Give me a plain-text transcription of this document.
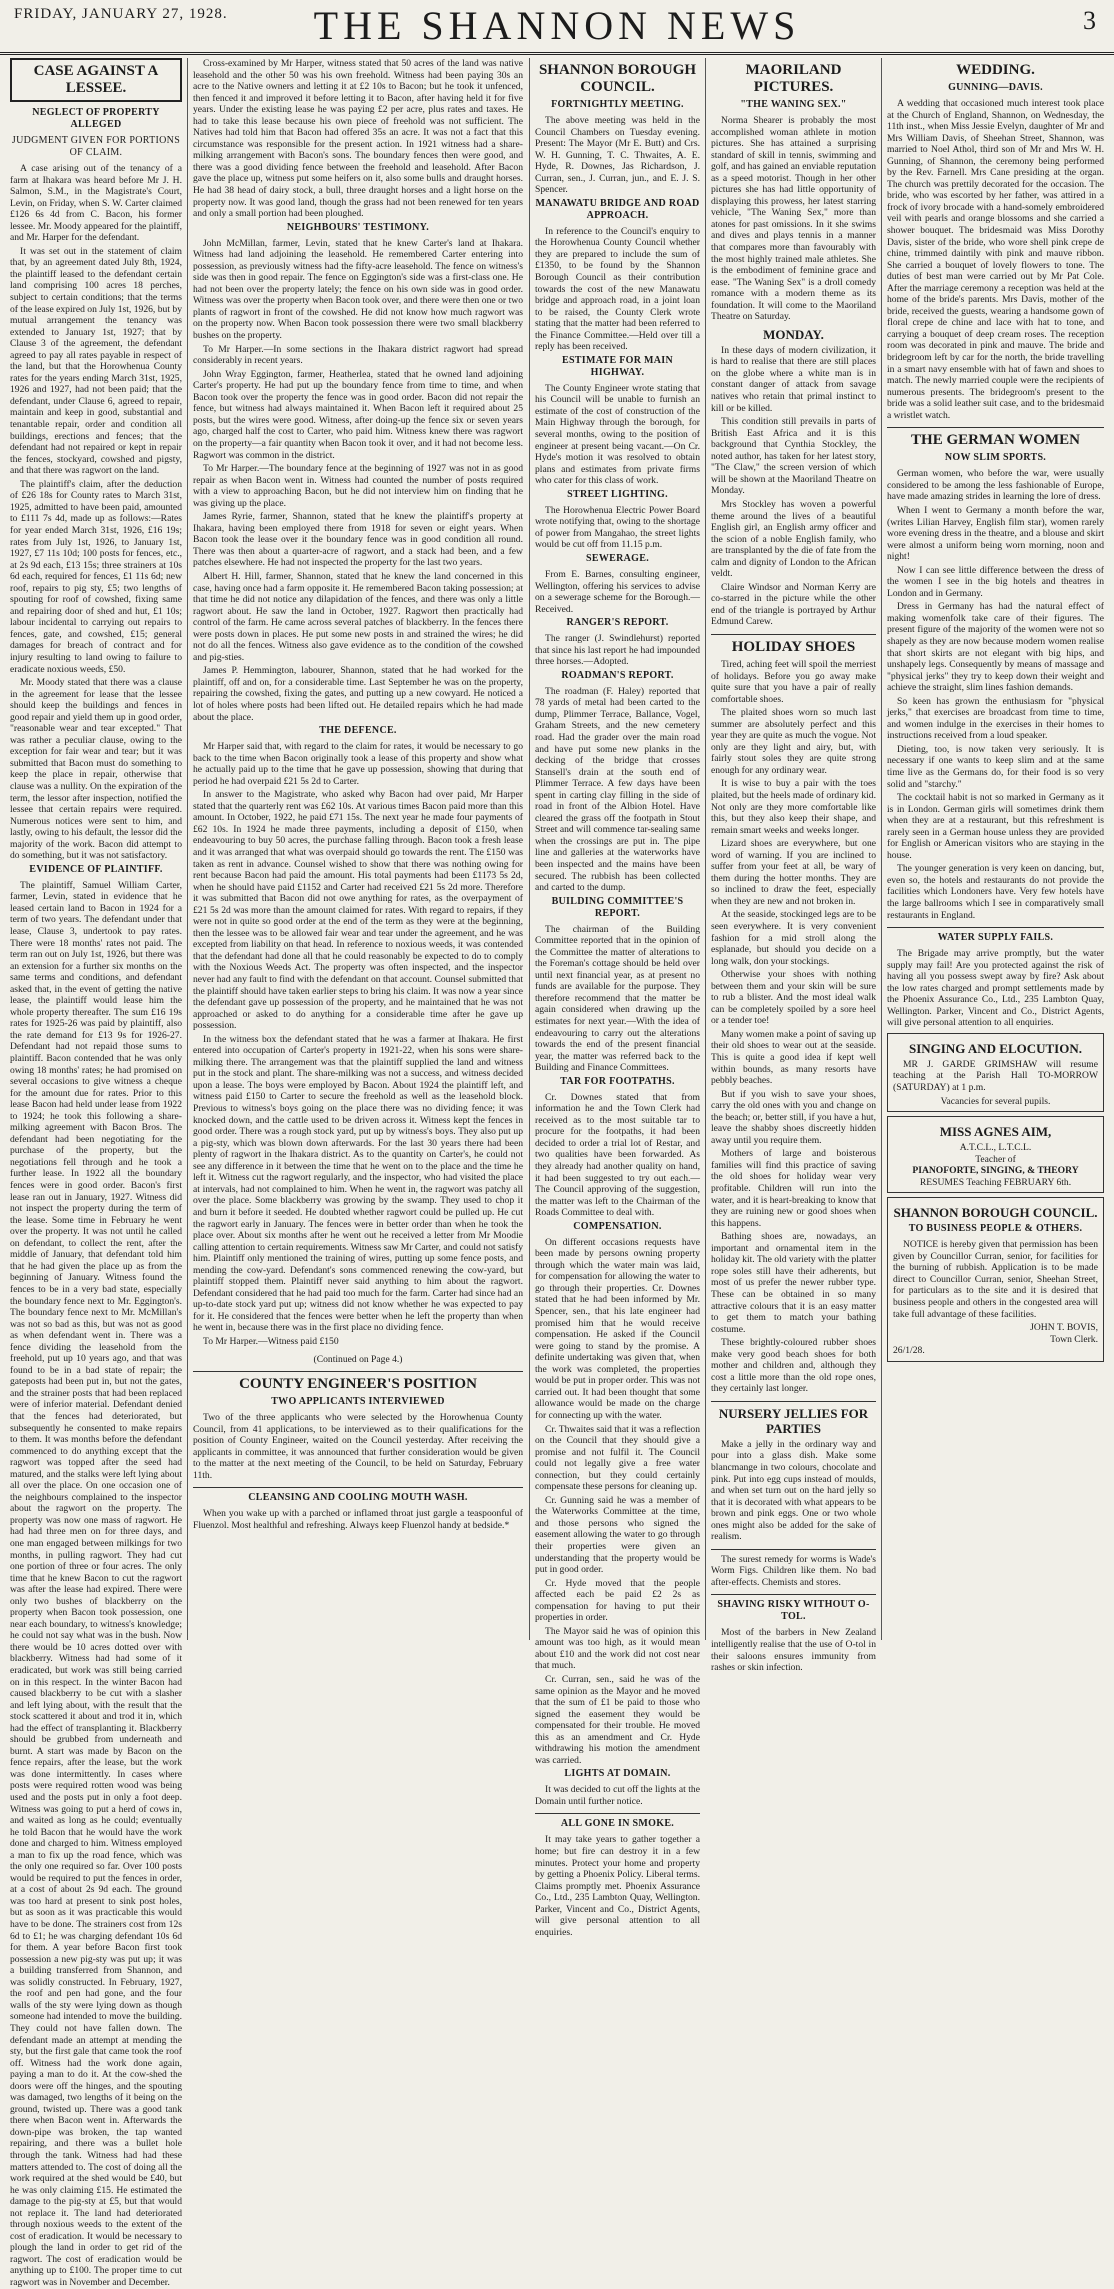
FRIDAY, JANUARY 27, 1928.	THE SHANNON NEWS	3
CASE AGAINST A LESSEE.
NEGLECT OF PROPERTY ALLEGED
JUDGMENT GIVEN FOR PORTIONS OF CLAIM.

A case arising out of the tenancy of a farm at Ihakara was heard before Mr J. H. Salmon, S.M., in the Magistrate's Court, Levin, on Friday, when S. W. Carter claimed £126 6s 4d from C. Bacon, his former lessee. Mr. Moody appeared for the plaintiff, and Mr. Harper for the defendant.

It was set out in the statement of claim that, by an agreement dated July 8th, 1924, the plaintiff leased to the defendant certain land comprising 100 acres 18 perches, subject to certain conditions; that the terms of the lease expired on July 1st, 1926, but by mutual arrangement the tenancy was extended to January 1st, 1927; that by Clause 3 of the agreement, the defendant agreed to pay all rates payable in respect of the land, but that the Horowhenua County rates for the years ending March 31st, 1925, 1926 and 1927, had not been paid; that the defendant, under Clause 6, agreed to repair, maintain and keep in good, substantial and tenantable repair, order and condition all buildings, erections and fences; that the defendant had not repaired or kept in repair the fences, stockyard, cowshed and pigsty, and that there was ragwort on the land.

The plaintiff's claim, after the deduction of £26 18s for County rates to March 31st, 1925, admitted to have been paid, amounted to £111 7s 4d, made up as follows:—Rates for year ended March 31st, 1926, £16 19s; rates from July 1st, 1926, to January 1st, 1927, £7 11s 10d; 100 posts for fences, etc., at 2s 9d each, £13 15s; three strainers at 10s 6d each, required for fences, £1 11s 6d; new roof, repairs to pig sty, £5; two lengths of spouting for roof of cowshed, fixing same and repairing door of shed and hut, £1 10s; labour incidental to carrying out repairs to fences, gate, and cowshed, £15; general damages for breach of contract and for injury resulting to land owing to failure to eradicate noxious weeds, £50.

Mr. Moody stated that there was a clause in the agreement for lease that the lessee should keep the buildings and fences in good repair and yield them up in good order, "reasonable wear and tear excepted." That was rather a peculiar clause, owing to the exception for fair wear and tear; but it was submitted that Bacon must do something to keep the place in repair, otherwise that clause was a nullity. On the expiration of the term, the lessor after inspection, notified the lessee that certain repairs were required. Numerous notices were sent to him, and lastly, owing to his default, the lessor did the majority of the work. Bacon did attempt to do something, but it was not satisfactory.

EVIDENCE OF PLAINTIFF.

The plaintiff, Samuel William Carter, farmer, Levin, stated in evidence that he leased certain land to Bacon in 1924 for a term of two years. The defendant under that lease, Clause 3, undertook to pay rates. There were 18 months' rates not paid. The term ran out on July 1st, 1926, but there was an extension for a further six months on the same terms and conditions, and defendant asked that, in the event of getting the native lease, the plaintiff would lease him the whole property thereafter. The sum £16 19s rates for 1925-26 was paid by plaintiff, also the rate demand for £13 9s for 1926-27. Defendant had not repaid those sums to plaintiff. Bacon contended that he was only owing 18 months' rates; he had promised on several occasions to give witness a cheque for the amount due for rates. Prior to this lease Bacon had held under lease from 1922 to 1924; he took this following a share-milking agreement with Bacon Bros. The defendant had been negotiating for the purchase of the property, but the negotiations fell through and he took a further lease. In 1922 all the boundary fences were in good order. Bacon's first lease ran out in January, 1927. Witness did not inspect the property during the term of the lease. Some time in February he went over the property. It was not until he called on defendant, to collect the rent, after the middle of January, that defendant told him that he had given the place up as from the beginning of January. Witness found the fences to be in a very bad state, especially the boundary fence next to Mr. Eggington's. The boundary fence next to Mr. McMillan's was not so bad as this, but was not as good as when defendant went in. There was a fence dividing the leasehold from the freehold, put up 10 years ago, and that was found to be in a bad state of repair; the gateposts had been put in, but not the gates, and the strainer posts that had been replaced were of inferior material. Defendant denied that the fences had deteriorated, but subsequently he consented to make repairs to them. It was months before the defendant commenced to do anything except that the ragwort was topped after the seed had matured, and the stalks were left lying about all over the place. On one occasion one of the neighbours complained to the inspector about the ragwort on the property. The property was now one mass of ragwort. He had had three men on for three days, and one man engaged between milkings for two months, in pulling ragwort. They had cut one portion of three or four acres. The only time that he knew Bacon to cut the ragwort was after the lease had expired. There were only two bushes of blackberry on the property when Bacon took possession, one near each boundary, to witness's knowledge; he could not say what was in the bush. Now there would be 10 acres dotted over with blackberry. Witness had had some of it eradicated, but work was still being carried on in this respect. In the winter Bacon had caused blackberry to be cut with a slasher and left lying about, with the result that the stock scattered it about and trod it in, which had the effect of transplanting it. Blackberry should be grubbed from underneath and burnt. A start was made by Bacon on the fence repairs, after the lease, but the work was done intermittently. In cases where posts were required rotten wood was being used and the posts put in only a foot deep. Witness was going to put a herd of cows in, and waited as long as he could; eventually he told Bacon that he would have the work done and charged to him. Witness employed a man to fix up the road fence, which was the only one required so far. Over 100 posts would be required to put the fences in order, at a cost of about 2s 9d each. The ground was too hard at present to sink post holes, but as soon as it was practicable this would have to be done. The strainers cost from 12s 6d to £1; he was charging defendant 10s 6d for them. A year before Bacon first took possession a new pig-sty was put up; it was a building transferred from Shannon, and was solidly constructed. In February, 1927, the roof and pen had gone, and the four walls of the sty were lying down as though someone had intended to move the building. They could not have fallen down. The defendant made an attempt at mending the sty, but the first gale that came took the roof off. Witness had the work done again, paying a man to do it. At the cow-shed the doors were off the hinges, and the spouting was damaged, two lengths of it being on the ground, twisted up. There was a good tank there when Bacon went in. Afterwards the down-pipe was broken, the tap wanted repairing, and there was a bullet hole through the tank. Witness had had these matters attended to. The cost of doing all the work required at the shed would be £40, but he was only claiming £15. He estimated the damage to the pig-sty at £5, but that would not replace it. The land had deteriorated through noxious weeds to the extent of the cost of eradication. It would be necessary to plough the land in order to get rid of the ragwort. The cost of eradication would be anything up to £100. The proper time to cut ragwort was in November and December.

Cross-examined by Mr Harper, witness stated that 50 acres of the land was native leasehold and the other 50 was his own freehold. Witness had been paying 30s an acre to the Native owners and letting it at £2 10s to Bacon; but he took it unfenced, then fenced it and improved it before letting it to Bacon, after having held it for five years. Under the existing lease he was paying £2 per acre, plus rates and taxes. He had to take this lease because his own piece of freehold was not sufficient. The Natives had told him that Bacon had offered 35s an acre. It was not a fact that this circumstance was responsible for the present action. In 1921 witness had a share-milking arrangement with Bacon's sons. The boundary fences then were good, and there was a good dividing fence between the freehold and leasehold. After Bacon gave the place up, witness put some heifers on it, also some bulls and draught horses. He had 38 head of dairy stock, a bull, three draught horses and a light horse on the property now. It was good land, though the grass had not been renewed for ten years and only a small portion had been ploughed.

NEIGHBOURS' TESTIMONY.

John McMillan, farmer, Levin, stated that he knew Carter's land at Ihakara. Witness had land adjoining the leasehold. He remembered Carter entering into possession, as previously witness had the fifty-acre leasehold. The fence on witness's side was then in good repair. The fence on Eggington's side was a first-class one. He had not been over the property lately; the fence on his own side was in good order. Witness was over the property when Bacon took over, and there were then one or two plants of ragwort in front of the cowshed. He did not know how much ragwort was on the property now. When Bacon took possession there were two small blackberry bushes on the property.

To Mr Harper.—In some sections in the Ihakara district ragwort had spread considerably in recent years.

John Wray Eggington, farmer, Heatherlea, stated that he owned land adjoining Carter's property. He had put up the boundary fence from time to time, and when Bacon took over the property the fence was in good order. Bacon did not repair the fence, but witness had always maintained it. When Bacon left it required about 25 posts, but the wires were good. Witness, after doing-up the fence six or seven years ago, charged half the cost to Carter, who paid him. Witness knew there was ragwort on the property—a fair quantity when Bacon took it over, and it had not become less. Ragwort was common in the district.

To Mr Harper.—The boundary fence at the beginning of 1927 was not in as good repair as when Bacon went in. Witness had counted the number of posts required with a view to approaching Bacon, but he did not interview him on finding that he was giving up the place.

James Ryrie, farmer, Shannon, stated that he knew the plaintiff's property at Ihakara, having been employed there from 1918 for seven or eight years. When Bacon took the lease over it the boundary fence was in good condition all round. There was then about a quarter-acre of ragwort, and a stack had been, and a few patches elsewhere. He had not inspected the property for the last two years.

Albert H. Hill, farmer, Shannon, stated that he knew the land concerned in this case, having once had a farm opposite it. He remembered Bacon taking possession; at that time he did not notice any dilapidation of the fences, and there was only a little ragwort about. He saw the land in October, 1927. Ragwort then practically had control of the farm. He came across several patches of blackberry. In the fences there were posts down in places. He put some new posts in and strained the wires; he did not do all the fences. Witness also gave evidence as to the condition of the cowshed and pig-sties.

James P. Hemmington, labourer, Shannon, stated that he had worked for the plaintiff, off and on, for a considerable time. Last September he was on the property, repairing the cowshed, fixing the gates, and putting up a new cowyard. He noticed a lot of holes where posts had been lifted out. He detailed repairs which he had made about the place.

THE DEFENCE.

Mr Harper said that, with regard to the claim for rates, it would be necessary to go back to the time when Bacon originally took a lease of this property and show what he actually paid up to the time that he gave up possession, showing that during that period he had overpaid £21 5s 2d to Carter.

In answer to the Magistrate, who asked why Bacon had over paid, Mr Harper stated that the quarterly rent was £62 10s. At various times Bacon paid more than this amount. In October, 1922, he paid £71 15s. The next year he made four payments of £62 10s. In 1924 he made three payments, including a deposit of £150, when endeavouring to buy 50 acres, the purchase falling through. Bacon took a fresh lease and it was arranged that what was overpaid should go towards the rent. The £150 was taken as rent in advance. Counsel wished to show that there was nothing owing for rent because Bacon had paid the amount. His total payments had been £1173 5s 2d, when he should have paid £1152 and Carter had received £21 5s 2d more. Therefore it was submitted that Bacon did not owe anything for rates, as the overpayment of £21 5s 2d was more than the amount claimed for rates. With regard to repairs, if they were not in quite so good order at the end of the term as they were at the beginning, then the lessee was to be allowed fair wear and tear under the agreement, and he was excepted from liability on that head. In reference to noxious weeds, it was contended that the defendant had done all that he could reasonably be expected to do to comply with the Noxious Weeds Act. The property was often inspected, and the inspector never had any fault to find with the defendant on that account. Counsel submitted that the plaintiff should have taken earlier steps to bring his claim. It was now a year since the defendant gave up possession of the property, and he maintained that he was not approached or asked to do anything for a considerable time after he gave up possession.

In the witness box the defendant stated that he was a farmer at Ihakara. He first entered into occupation of Carter's property in 1921-22, when his sons were share-milking there. The arrangement was that the plaintiff supplied the land and witness put in the stock and plant. The share-milking was not a success, and witness decided upon a lease. The boys were employed by Bacon. About 1924 the plaintiff left, and witness paid £150 to Carter to secure the freehold as well as the leasehold block. Previous to witness's boys going on the place there was no dividing fence; it was knocked down, and the cattle used to be driven across it. Witness kept the fences in good order. There was a rough stock yard, put up by witness's boys. They also put up a pig-sty, which was blown down afterwards. For the last 30 years there had been plenty of ragwort in the Ihakara district. As to the quantity on Carter's, he could not see any difference in it between the time that he went on to the place and the time he left it. Witness cut the ragwort regularly, and the inspector, who had visited the place at intervals, had not complained to him. When he went in, the ragwort was patchy all over the place. Some blackberry was growing by the swamp. They used to chop it and burn it before it seeded. He doubted whether ragwort could be pulled up. He cut the ragwort early in January. The fences were in better order than when he took the place over. About six months after he went out he received a letter from Mr Moodie calling attention to certain requirements. Witness saw Mr Carter, and could not satisfy him. Plaintiff only mentioned the training of wires, putting up some fence posts, and mending the cow-yard. Defendant's sons commenced renewing the cow-yard, but plaintiff stopped them. Plaintiff never said anything to him about the ragwort. Defendant considered that he had paid too much for the farm. Carter had since had an up-to-date stock yard put up; witness did not know whether he was expected to pay for it. He considered that the fences were better when he left the property than when he went in, because there was in the first place no dividing fence.

To Mr Harper.—Witness paid £150

(Continued on Page 4.)
COUNTY ENGINEER'S POSITION
TWO APPLICANTS INTERVIEWED

Two of the three applicants who were selected by the Horowhenua County Council, from 41 applications, to be interviewed as to their qualifications for the position of County Engineer, waited on the Council yesterday. After receiving the applicants in committee, it was announced that further consideration would be given to the matter at the next meeting of the Council, to be held on Saturday, February 11th.

CLEANSING AND COOLING MOUTH WASH.

When you wake up with a parched or inflamed throat just gargle a teaspoonful of Fluenzol. Most healthful and refreshing. Always keep Fluenzol handy at bedside.*

SHANNON BOROUGH COUNCIL.
FORTNIGHTLY MEETING.

The above meeting was held in the Council Chambers on Tuesday evening. Present: The Mayor (Mr E. Butt) and Crs. W. H. Gunning, T. C. Thwaites, A. E. Hyde, R. Downes, Jas Richardson, J. Curran, sen., J. Curran, jun., and E. J. S. Spencer.

MANAWATU BRIDGE AND ROAD APPROACH.

In reference to the Council's enquiry to the Horowhenua County Council whether they are prepared to include the sum of £1350, to be found by the Shannon Borough Council as their contribution towards the cost of the new Manawatu bridge and approach road, in a joint loan to be raised, the County Clerk wrote stating that the matter had been referred to the Finance Committee.—Held over till a reply has been received.

ESTIMATE FOR MAIN HIGHWAY.

The County Engineer wrote stating that his Council will be unable to furnish an estimate of the cost of construction of the Main Highway through the borough, for several months, owing to the position of engineer at present being vacant.—On Cr. Hyde's motion it was resolved to obtain plans and estimates from private firms who cater for this class of work.

STREET LIGHTING.

The Horowhenua Electric Power Board wrote notifying that, owing to the shortage of power from Mangahao, the street lights would be cut off from 11.15 p.m.

SEWERAGE.

From E. Barnes, consulting engineer, Wellington, offering his services to advise on a sewerage scheme for the Borough.—Received.

RANGER'S REPORT.

The ranger (J. Swindlehurst) reported that since his last report he had impounded three horses.—Adopted.

ROADMAN'S REPORT.

The roadman (F. Haley) reported that 78 yards of metal had been carted to the dump, Plimmer Terrace, Ballance, Vogel, Graham Streets, and the new cemetery road. Had the grader over the main road and have put some new planks in the decking of the bridge that crosses Stansell's drain at the south end of Plimmer Terrace. A few days have been spent in carting clay filling in the side of road in front of the Albion Hotel. Have cleared the grass off the footpath in Stout Street and will commence tar-sealing same when the crossings are put in. The pipe line and galleries at the waterworks have been inspected and the mains have been secured. The rubbish has been collected and carted to the dump.

BUILDING COMMITTEE'S REPORT.

The chairman of the Building Committee reported that in the opinion of the Committee the matter of alterations to the Foreman's cottage should be held over until next financial year, as at present no funds are available for the purpose. They therefore recommend that the matter be again considered when drawing up the estimates for next year.—With the idea of endeavouring to carry out the alterations towards the end of the present financial year, the matter was referred back to the Building and Finance Committees.

TAR FOR FOOTPATHS.

Cr. Downes stated that from information he and the Town Clerk had received as to the most suitable tar to procure for the footpaths, it had been decided to order a trial lot of Restar, and two qualities have been forwarded. As they already had another quality on hand, it had been suggested to try out each.—The Council approving of the suggestion, the matter was left to the Chairman of the Roads Committee to deal with.

COMPENSATION.

On different occasions requests have been made by persons owning property through which the water main was laid, for compensation for allowing the water to go through their properties. Cr. Downes stated that he had been informed by Mr. Spencer, sen., that his late engineer had promised him that he would receive compensation. He asked if the Council were going to stand by the promise. A definite undertaking was given that, when the work was completed, the properties would be put in proper order. This was not carried out. It had been thought that some allowance would be made on the charge for connecting up with the water.

Cr. Thwaites said that it was a reflection on the Council that they should give a promise and not fulfil it. The Council could not legally give a free water connection, but they could certainly compensate these persons for cleaning up.

Cr. Gunning said he was a member of the Waterworks Committee at the time, and those persons who signed the easement allowing the water to go through their properties were given an understanding that the property would be put in good order.

Cr. Hyde moved that the people affected each be paid £2 2s as compensation for having to put their properties in order.

The Mayor said he was of opinion this amount was too high, as it would mean about £10 and the work did not cost near that much.

Cr. Curran, sen., said he was of the same opinion as the Mayor and he moved that the sum of £1 be paid to those who signed the easement they would be compensated for their trouble. He moved this as an amendment and Cr. Hyde withdrawing his motion the amendment was carried.

LIGHTS AT DOMAIN.

It was decided to cut off the lights at the Domain until further notice.

ALL GONE IN SMOKE.

It may take years to gather together a home; but fire can destroy it in a few minutes. Protect your home and property by getting a Phoenix Policy. Liberal terms. Claims promptly met. Phoenix Assurance Co., Ltd., 235 Lambton Quay, Wellington. Parker, Vincent and Co., District Agents, will give personal attention to all enquiries.

MAORILAND PICTURES.
"THE WANING SEX."

Norma Shearer is probably the most accomplished woman athlete in motion pictures. She has attained a surprising standard of skill in tennis, swimming and golf, and has gained an enviable reputation as a speed motorist. Though in her other pictures she has had little opportunity of displaying this prowess, her latest starring vehicle, "The Waning Sex," more than atones for past omissions. In it she swims and dives and plays tennis in a manner that compares more than favourably with the most highly trained male athletes. She is the embodiment of feminine grace and ease. "The Waning Sex" is a droll comedy romance with a modern theme as its foundation. It will come to the Maoriland Theatre on Saturday.

MONDAY.

In these days of modern civilization, it is hard to realise that there are still places on the globe where a white man is in constant danger of attack from savage natives who retain that primal instinct to kill or be killed.

This condition still prevails in parts of British East Africa and it is this background that Cynthia Stockley, the noted author, has taken for her latest story, "The Claw," the screen version of which will be shown at the Maoriland Theatre on Monday.

Mrs Stockley has woven a powerful theme around the lives of a beautiful English girl, an English army officer and the scion of a noble English family, who are transplanted by the die of fate from the calm and dignity of London to the African veldt.

Claire Windsor and Norman Kerry are co-starred in the picture while the other end of the triangle is portrayed by Arthur Edmund Carew.

HOLIDAY SHOES

Tired, aching feet will spoil the merriest of holidays. Before you go away make quite sure that you have a pair of really comfortable shoes.

The plaited shoes worn so much last summer are absolutely perfect and this year they are quite as much the vogue. Not only are they light and airy, but, with fairly stout soles they are quite strong enough for any ordinary wear.

It is wise to buy a pair with the toes plaited, but the heels made of ordinary kid. Not only are they more comfortable like this, but they also keep their shape, and remain smart weeks and weeks longer.

Lizard shoes are everywhere, but one word of warning. If you are inclined to suffer from your feet at all, be wary of them during the hotter months. They are so inclined to draw the feet, especially when they are new and not broken in.

At the seaside, stockinged legs are to be seen everywhere. It is very convenient fashion for a mid stroll along the esplanade, but should you decide on a long walk, don your stockings.

Otherwise your shoes with nothing between them and your skin will be sure to rub a blister. And the most ideal walk can be completely spoiled by a sore heel or a tender toe!

Many women make a point of saving up their old shoes to wear out at the seaside. This is quite a good idea if kept well within bounds, as many resorts have pebbly beaches.

But if you wish to save your shoes, carry the old ones with you and change on the beach; or, better still, if you have a hut, leave the shabby shoes discreetly hidden away until you require them.

Mothers of large and boisterous families will find this practice of saving the old shoes for holiday wear very profitable. Children will run into the water, and it is heart-breaking to know that they are ruining new or good shoes when this happens.

Bathing shoes are, nowadays, an important and ornamental item in the holiday kit. The old variety with the platter rope soles still have their adherents, but most of us prefer the newer rubber type. These can be obtained in so many attractive colours that it is an easy matter to get them to match your bathing costume.

These brightly-coloured rubber shoes make very good beach shoes for both mother and children and, although they cost a little more than the old rope ones, they certainly last longer.

NURSERY JELLIES FOR PARTIES

Make a jelly in the ordinary way and pour into a glass dish. Make some blancmange in two colours, chocolate and pink. Put into egg cups instead of moulds, and when set turn out on the hard jelly so that it is decorated with what appears to be brown and pink eggs. One or two whole ones might also be added for the sake of realism.

The surest remedy for worms is Wade's Worm Figs. Children like them. No bad after-effects. Chemists and stores.

SHAVING RISKY WITHOUT O-TOL.

Most of the barbers in New Zealand intelligently realise that the use of O-tol in their saloons ensures immunity from rashes or skin infection.

WEDDING.
GUNNING—DAVIS.

A wedding that occasioned much interest took place at the Church of England, Shannon, on Wednesday, the 11th inst., when Miss Jessie Evelyn, daughter of Mr and Mrs William Davis, of Sheehan Street, Shannon, was married to Noel Athol, third son of Mr and Mrs W. H. Gunning, of Shannon, the ceremony being performed by the Rev. Farnell. Mrs Cane presiding at the organ. The church was prettily decorated for the occasion. The bride, who was escorted by her father, was attired in a frock of ivory brocade with a hand-somely embroidered veil with pearls and orange blossoms and she carried a shower bouquet. The bridesmaid was Miss Dorothy Davis, sister of the bride, who wore shell pink crepe de chine, trimmed daintily with pink and mauve ribbon. She carried a bouquet of lovely flowers to tone. The duties of best man were carried out by Mr Pat Cole. After the marriage ceremony a reception was held at the home of the bride's parents. Mrs Davis, mother of the bride, received the guests, wearing a handsome gown of floral crepe de chine and lace with hat to tone, and carrying a bouquet of deep cream roses. The reception room was decorated in pink and mauve. The bride and bridegroom left by car for the north, the bride travelling in a smart navy ensemble with hat of fawn and shoes to match. The newly married couple were the recipients of numerous presents. The bridegroom's present to the bride was a solid leather suit case, and to the bridesmaid a wristlet watch.

THE GERMAN WOMEN
NOW SLIM SPORTS.

German women, who before the war, were usually considered to be among the less fashionable of Europe, have made amazing strides in learning the lore of dress.

When I went to Germany a month before the war, (writes Lilian Harvey, English film star), women rarely wore evening dress in the theatre, and a blouse and skirt were almost a uniform being worn morning, noon and night!

Now I can see little difference between the dress of the women I see in the big hotels and theatres in London and in Germany.

Dress in Germany has had the natural effect of making womenfolk take care of their figures. The present figure of the majority of the women were not so shapely as they are now because modern women realise that short skirts are not elegant with big hips, and unshapely legs. Consequently by means of massage and "physical jerks" they try to keep down their weight and achieve the straight, slim lines fashion demands.

So keen has grown the enthusiasm for "physical jerks," that exercises are broadcast from time to time, and women indulge in the exercises in their homes to instructions received from a loud speaker.

Dieting, too, is now taken very seriously. It is necessary if one wants to keep slim and at the same time live as the Germans do, for their food is so very solid and "starchy."

The cocktail habit is not so marked in Germany as it is in London. German girls will sometimes drink them when they are at a restaurant, but this refreshment is rarely seen in a German house unless they are provided for English or American visitors who are staying in the house.

The younger generation is very keen on dancing, but, even so, the hotels and restaurants do not provide the facilities which Londoners have. Very few hotels have the large ballrooms which I see in comparatively small restaurants in England.

WATER SUPPLY FAILS.

The Brigade may arrive promptly, but the water supply may fail! Are you protected against the risk of having all you possess swept away by fire? Ask about the low rates charged and prompt settlements made by the Phoenix Assurance Co., Ltd., 235 Lambton Quay, Wellington. Parker, Vincent and Co., District Agents, will give personal attention to all enquiries.

SINGING AND ELOCUTION.

MR J. GARDE GRIMSHAW will resume teaching at the Parish Hall TO-MORROW (SATURDAY) at 1 p.m.

Vacancies for several pupils.
MISS AGNES AIM,
A.T.C.L., L.T.C.L.
Teacher of
PIANOFORTE, SINGING, & THEORY
RESUMES Teaching FEBRUARY 6th.
SHANNON BOROUGH COUNCIL.
TO BUSINESS PEOPLE & OTHERS.

NOTICE is hereby given that permission has been given by Councillor Curran, senior, for facilities for the burning of rubbish. Application is to be made direct to Councillor Curran, senior, Sheehan Street, for particulars as to the site and it is desired that business people and others in the congested area will take full advantage of these facilities.

JOHN T. BOVIS,
Town Clerk.
26/1/28.
